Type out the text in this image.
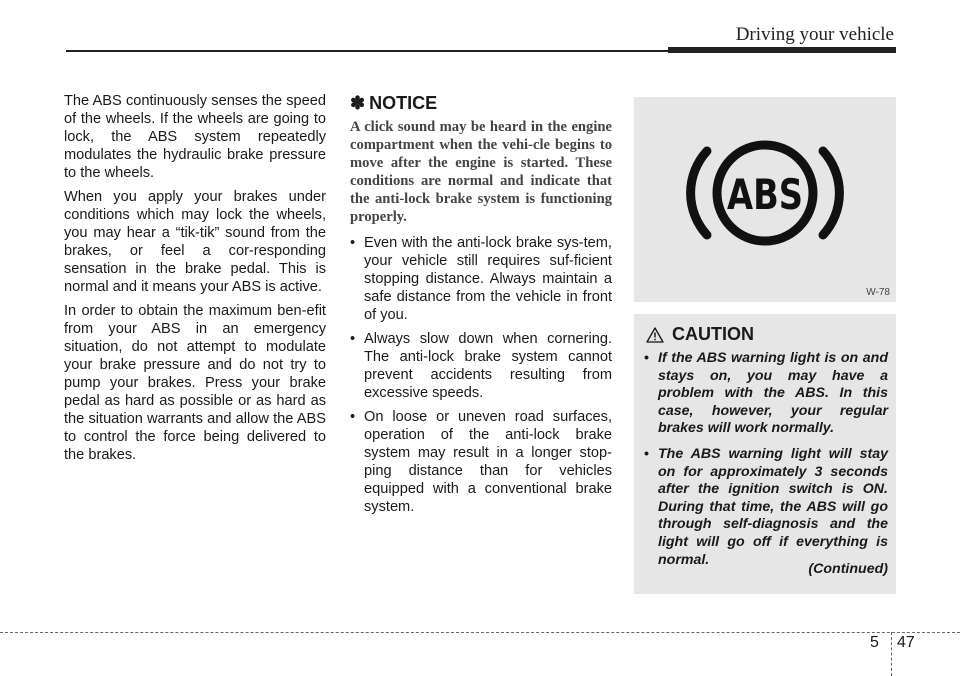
Driving your vehicle

The ABS continuously senses the speed of the wheels. If the wheels are going to lock, the ABS system repeatedly modulates the hydraulic brake pressure to the wheels.

When you apply your brakes under conditions which may lock the wheels, you may hear a “tik-tik” sound from the brakes, or feel a cor-responding sensation in the brake pedal. This is normal and it means your ABS is active.

In order to obtain the maximum ben-efit from your ABS in an emergency situation, do not attempt to modulate your brake pressure and do not try to pump your brakes. Press your brake pedal as hard as possible or as hard as the situation warrants and allow the ABS to control the force being delivered to the brakes.

✽ NOTICE

A click sound may be heard in the engine compartment when the vehi-cle begins to move after the engine is started. These conditions are normal and indicate that the anti-lock brake system is functioning properly.

• Even with the anti-lock brake sys-tem, your vehicle still requires suf-ficient stopping distance. Always maintain a safe distance from the vehicle in front of you.
• Always slow down when cornering. The anti-lock brake system cannot prevent accidents resulting from excessive speeds.
• On loose or uneven road surfaces, operation of the anti-lock brake system may result in a longer stop-ping distance than for vehicles equipped with a conventional brake system.
ABS
W-78
CAUTION
• If the ABS warning light is on and stays on, you may have a problem with the ABS. In this case, however, your regular brakes will work normally.
• The ABS warning light will stay on for approximately 3 seconds after the ignition switch is ON. During that time, the ABS will go through self-diagnosis and the light will go off if everything is normal.
(Continued)
5 47
